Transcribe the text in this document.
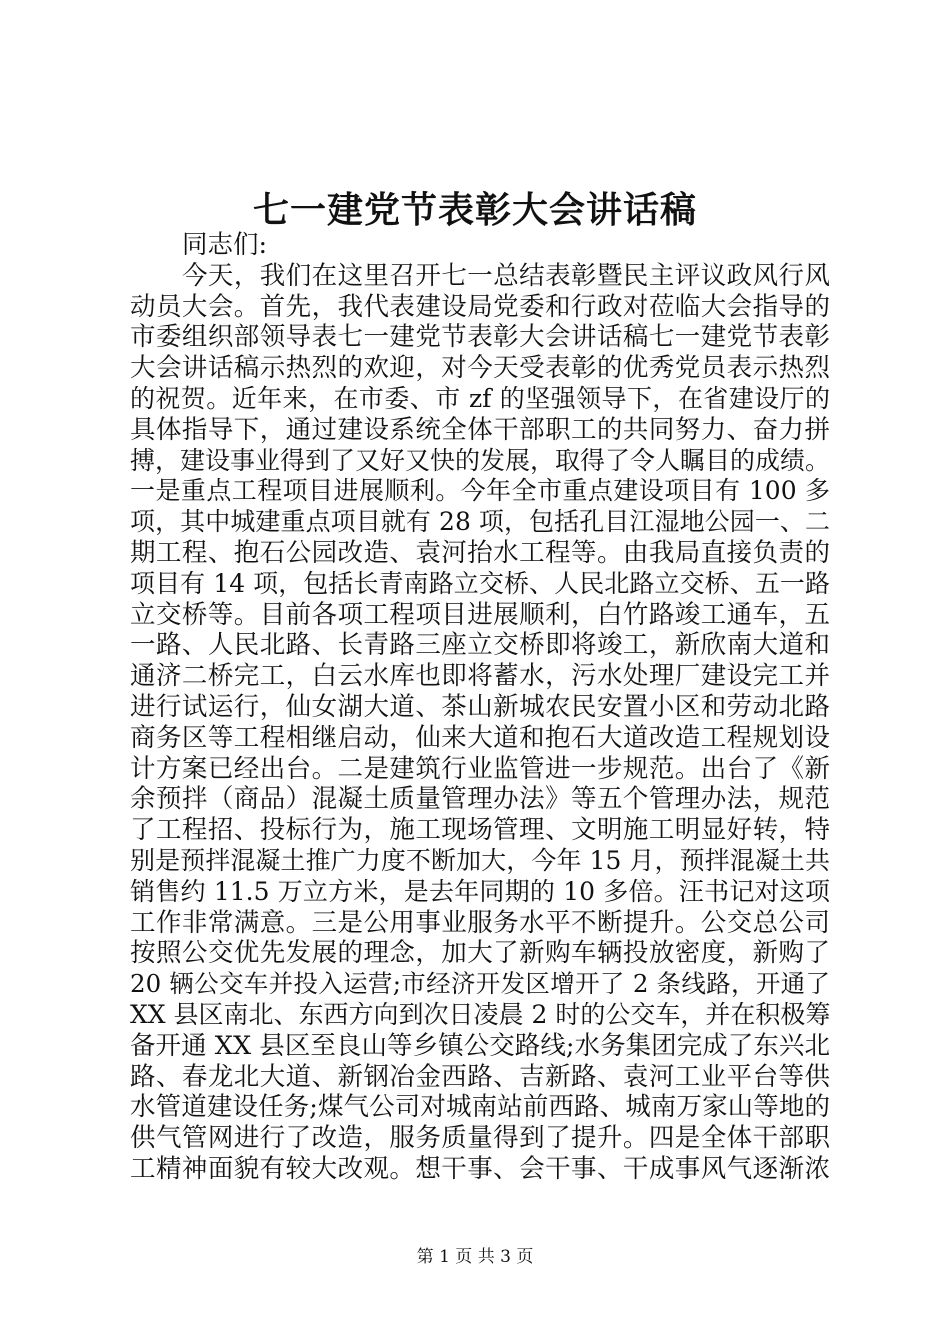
七一建党节表彰大会讲话稿
同志们:
今天，我们在这里召开七一总结表彰暨民主评议政风行风
动员大会。首先，我代表建设局党委和行政对莅临大会指导的
市委组织部领导表七一建党节表彰大会讲话稿七一建党节表彰
大会讲话稿示热烈的欢迎，对今天受表彰的优秀党员表示热烈
的祝贺。近年来，在市委、市 zf 的坚强领导下，在省建设厅的
具体指导下，通过建设系统全体干部职工的共同努力、奋力拼
搏，建设事业得到了又好又快的发展，取得了令人瞩目的成绩。
一是重点工程项目进展顺利。今年全市重点建设项目有 100 多
项，其中城建重点项目就有 28 项，包括孔目江湿地公园一、二
期工程、抱石公园改造、袁河抬水工程等。由我局直接负责的
项目有 14 项，包括长青南路立交桥、人民北路立交桥、五一路
立交桥等。目前各项工程项目进展顺利，白竹路竣工通车，五
一路、人民北路、长青路三座立交桥即将竣工，新欣南大道和
通济二桥完工，白云水库也即将蓄水，污水处理厂建设完工并
进行试运行，仙女湖大道、茶山新城农民安置小区和劳动北路
商务区等工程相继启动，仙来大道和抱石大道改造工程规划设
计方案已经出台。二是建筑行业监管进一步规范。出台了《新
余预拌（商品）混凝土质量管理办法》等五个管理办法，规范
了工程招、投标行为，施工现场管理、文明施工明显好转，特
别是预拌混凝土推广力度不断加大，今年 15 月，预拌混凝土共
销售约 11.5 万立方米，是去年同期的 10 多倍。汪书记对这项
工作非常满意。三是公用事业服务水平不断提升。公交总公司
按照公交优先发展的理念，加大了新购车辆投放密度，新购了
20 辆公交车并投入运营;市经济开发区增开了 2 条线路，开通了
XX 县区南北、东西方向到次日凌晨 2 时的公交车，并在积极筹
备开通 XX 县区至良山等乡镇公交路线;水务集团完成了东兴北
路、春龙北大道、新钢冶金西路、吉新路、袁河工业平台等供
水管道建设任务;煤气公司对城南站前西路、城南万家山等地的
供气管网进行了改造，服务质量得到了提升。四是全体干部职
工精神面貌有较大改观。想干事、会干事、干成事风气逐渐浓
第 1 页 共 3 页
